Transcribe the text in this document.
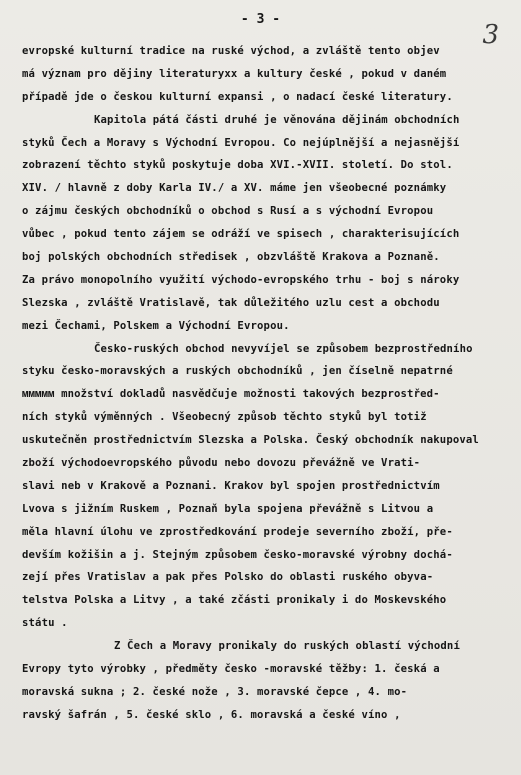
- 3 -
3
evropské kulturní tradice na ruské východ, a zvláště tento objev
má význam pro dějiny literaturyxx a kultury české , pokud v daném
případě jde o českou kulturní expansi , o nadací české literatury.
Kapitola pátá části druhé je věnována dějinám obchodních
styků Čech a Moravy s Východní Evropou. Co nejúplnější a nejasnější
zobrazení těchto styků poskytuje doba XVI.-XVII. století. Do stol.
XIV. / hlavně z doby Karla IV./ a XV. máme jen všeobecné poznámky
o zájmu českých obchodníků o obchod s Rusí a s východní Evropou
vůbec , pokud tento zájem se odráží ve spisech , charakterisujících
boj polských obchodních středisek , obzvláště Krakova a Poznaně.
Za právo monopolního využití východo-evropského trhu - boj s nároky
Slezska , zvláště Vratislavě, tak důležitého uzlu cest a obchodu
mezi Čechami, Polskem a Východní Evropou.
Česko-ruských obchod nevyvíjel se způsobem bezprostředního
styku česko-moravských a ruských obchodníků , jen číselně nepatrné
ᴍᴍᴍᴍᴍ množství dokladů nasvědčuje možnosti takových bezprostřed-
ních styků výměnných . Všeobecný způsob těchto styků byl totiž
uskutečněn prostřednictvím Slezska a Polska. Český obchodník nakupoval
zboží východoevropského původu nebo dovozu převážně ve Vrati-
slavi neb v Krakově a Poznani. Krakov byl spojen prostřednictvím
Lvova s jižním Ruskem , Poznaň byla spojena převážně s Litvou a
měla hlavní úlohu ve zprostředkování prodeje severního zboží, pře-
devším kožišin a j. Stejným způsobem česko-moravské výrobny dochá-
zejí přes Vratislav a pak přes Polsko do oblasti ruského obyva-
telstva Polska a Litvy , a také zčásti pronikaly i do Moskevského
státu .
Z Čech a Moravy pronikaly do ruských oblastí východní
Evropy tyto výrobky , předměty česko -moravské těžby: 1. česká a
moravská sukna ; 2. české nože , 3. moravské čepce , 4. mo-
ravský šafrán , 5. české sklo , 6. moravská a české víno ,
